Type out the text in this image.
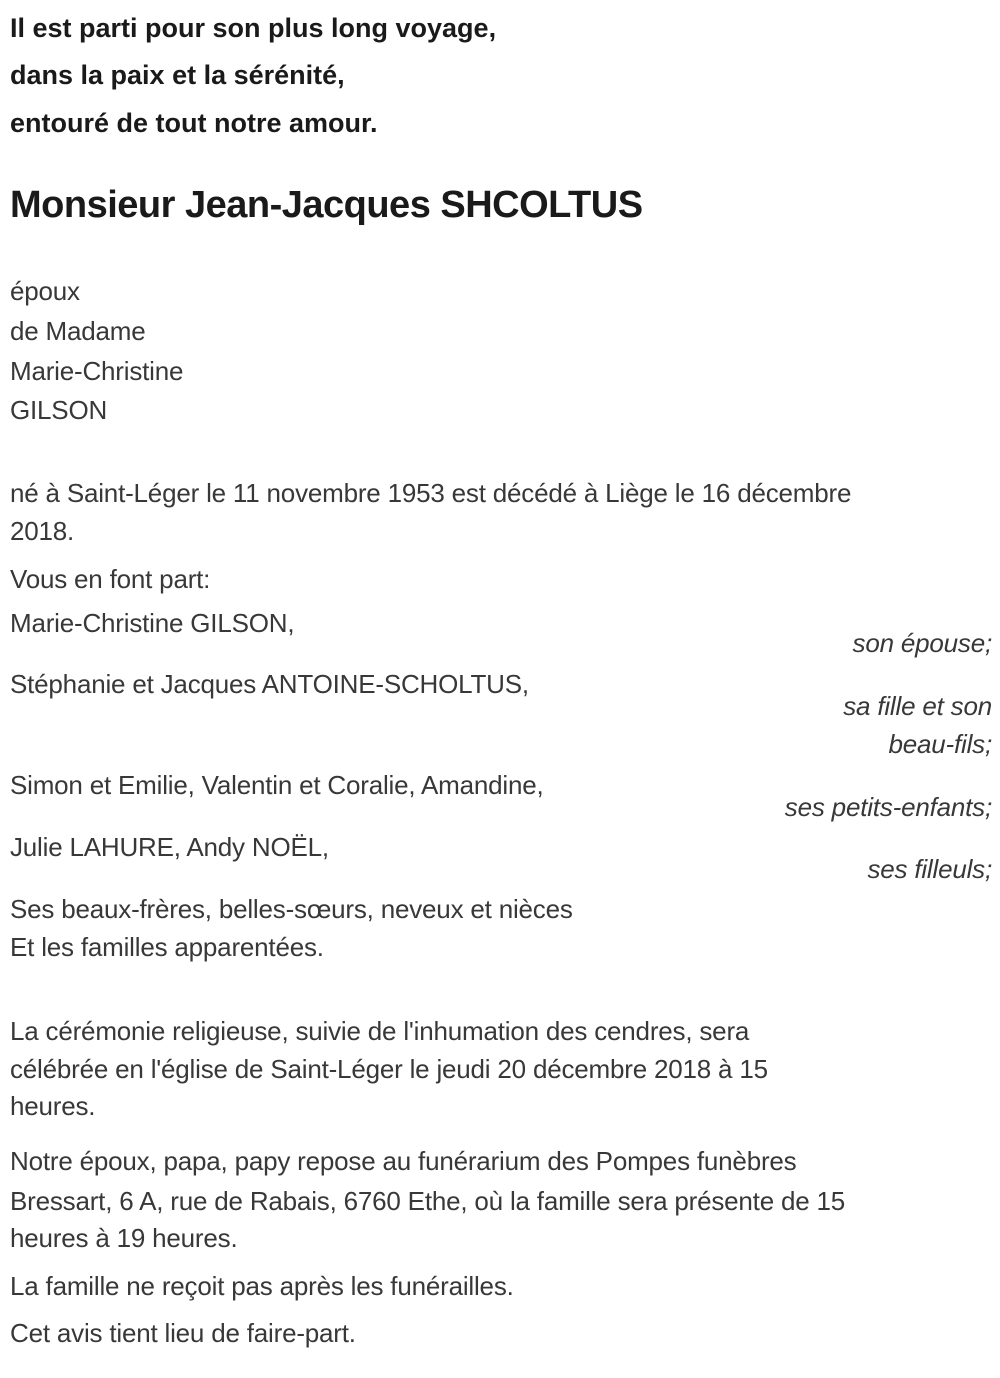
Il est parti pour son plus long voyage,
dans la paix et la sérénité,
entouré de tout notre amour.
Monsieur Jean-Jacques SHCOLTUS
époux
de Madame
Marie-Christine
GILSON
né à Saint-Léger le 11 novembre 1953 est décédé à Liège le 16 décembre
2018.
Vous en font part:
Marie-Christine GILSON,
son épouse;
Stéphanie et Jacques ANTOINE-SCHOLTUS,
sa fille et son
beau-fils;
Simon et Emilie, Valentin et Coralie, Amandine,
ses petits-enfants;
Julie LAHURE, Andy NOËL,
ses filleuls;
Ses beaux-frères, belles-sœurs, neveux et nièces
Et les familles apparentées.
La cérémonie religieuse, suivie de l'inhumation des cendres, sera
célébrée en l'église de Saint-Léger le jeudi 20 décembre 2018 à 15
heures.
Notre époux, papa, papy repose au funérarium des Pompes funèbres
Bressart, 6 A, rue de Rabais, 6760 Ethe, où la famille sera présente de 15
heures à 19 heures.
La famille ne reçoit pas après les funérailles.
Cet avis tient lieu de faire-part.
